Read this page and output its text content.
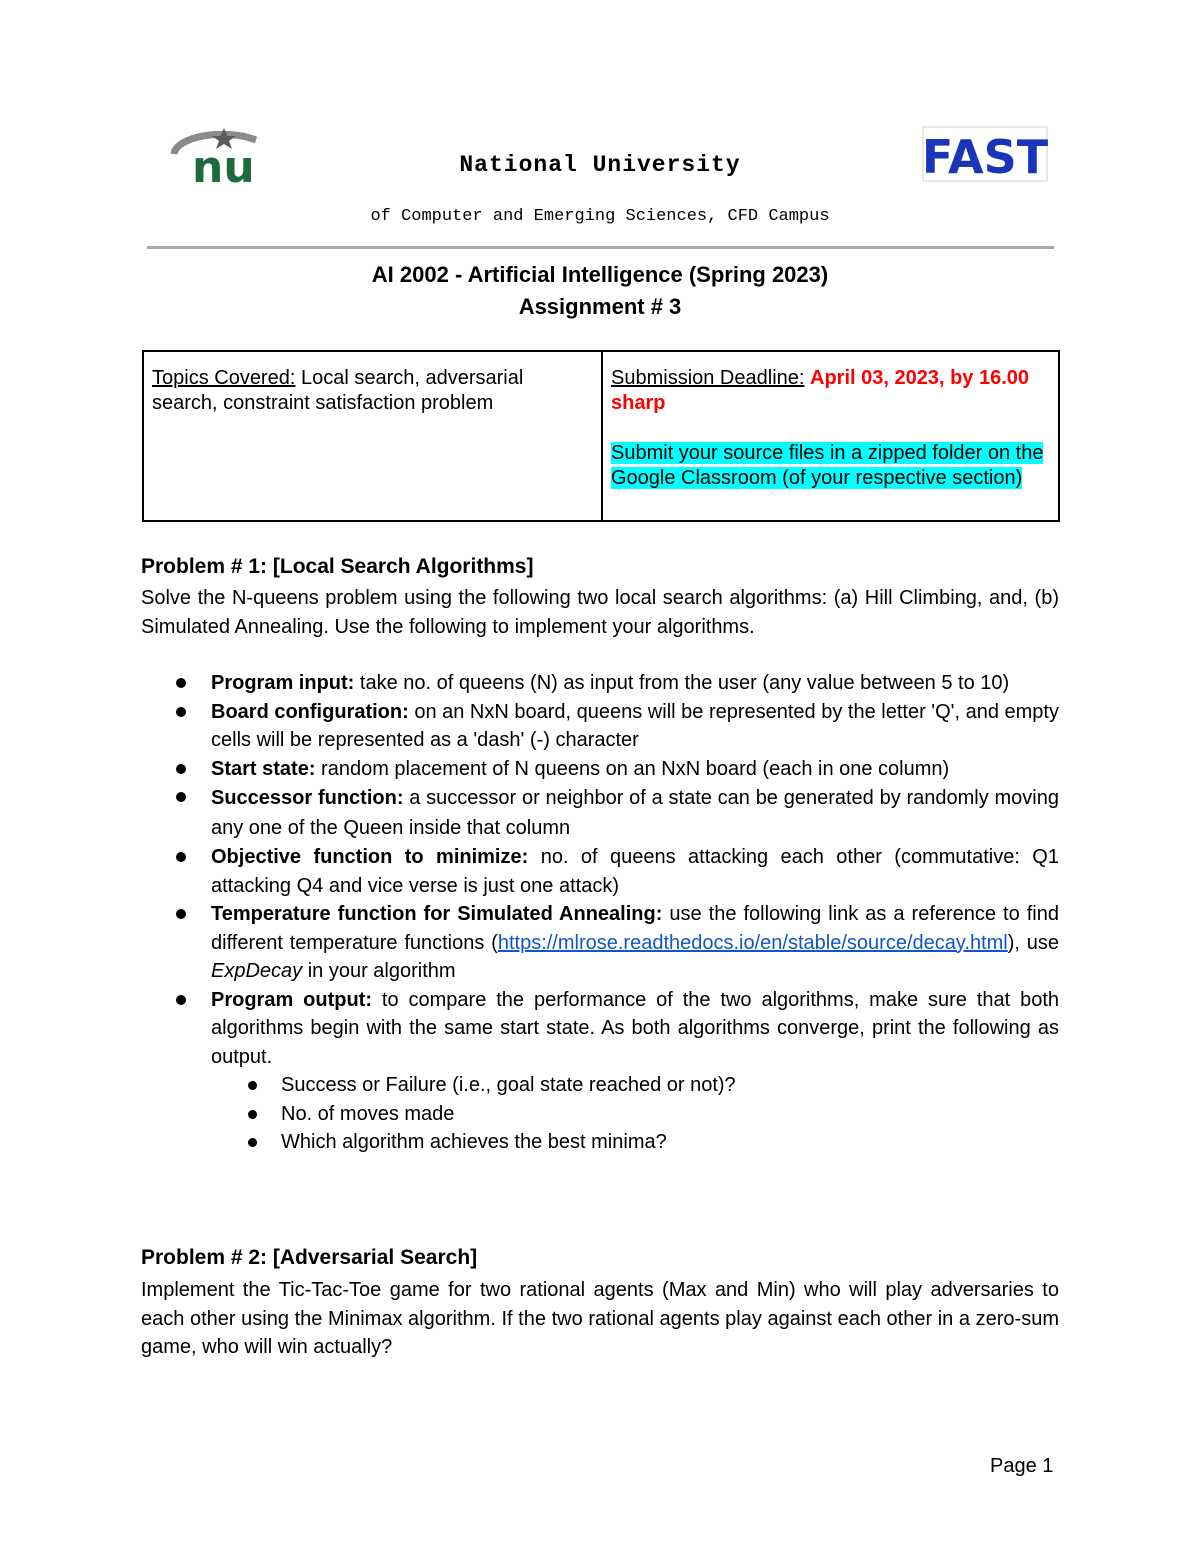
nu	FAST
National University
of Computer and Emerging Sciences, CFD Campus
AI 2002 - Artificial Intelligence (Spring 2023)
Assignment # 3
Topics Covered: Local search, adversarial search, constraint satisfaction problem
Submission Deadline: April 03, 2023, by 16.00 sharp
Submit your source files in a zipped folder on the Google Classroom (of your respective section)
Problem # 1: [Local Search Algorithms]
Solve the N-queens problem using the following two local search algorithms: (a) Hill Climbing, and, (b) Simulated Annealing. Use the following to implement your algorithms.
Program input: take no. of queens (N) as input from the user (any value between 5 to 10)
Board configuration: on an NxN board, queens will be represented by the letter 'Q', and empty cells will be represented as a 'dash' (-) character
Start state: random placement of N queens on an NxN board (each in one column)
Successor function: a successor or neighbor of a state can be generated by randomly moving any one of the Queen inside that column
Objective function to minimize: no. of queens attacking each other (commutative: Q1 attacking Q4 and vice verse is just one attack)
Temperature function for Simulated Annealing: use the following link as a reference to find different temperature functions (https://mlrose.readthedocs.io/en/stable/source/decay.html), use ExpDecay in your algorithm
Program output: to compare the performance of the two algorithms, make sure that both algorithms begin with the same start state. As both algorithms converge, print the following as output.
Success or Failure (i.e., goal state reached or not)?
No. of moves made
Which algorithm achieves the best minima?
Problem # 2: [Adversarial Search]
Implement the Tic-Tac-Toe game for two rational agents (Max and Min) who will play adversaries to each other using the Minimax algorithm. If the two rational agents play against each other in a zero-sum game, who will win actually?
Page 1
